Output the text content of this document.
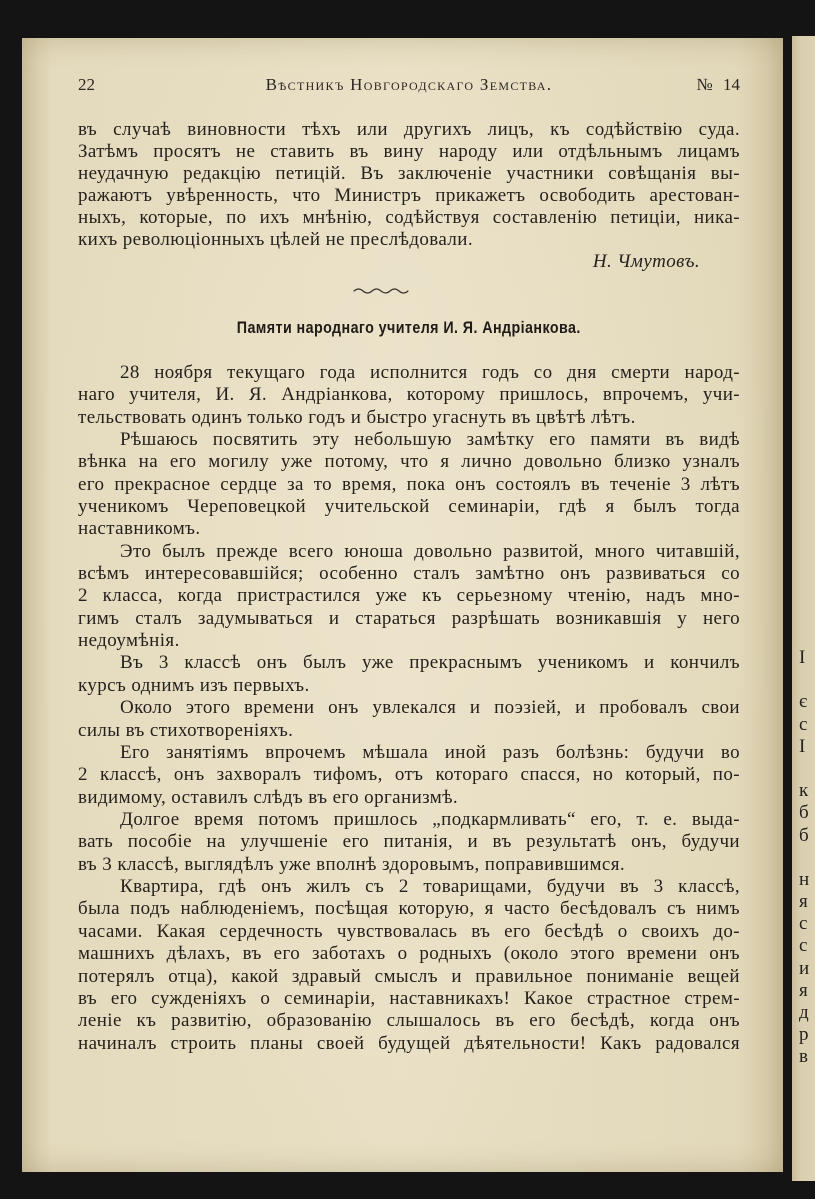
22	Вѣстникъ Новгородскаго Земства.	№ 14
въ случаѣ виновности тѣхъ или другихъ лицъ, къ содѣйствію суда.
Затѣмъ просятъ не ставить въ вину народу или отдѣльнымъ лицамъ
неудачную редакцію петицій. Въ заключеніе участники совѣщанія вы-
ражаютъ увѣренность, что Министръ прикажетъ освободить арестован-
ныхъ, которые, по ихъ мнѣнію, содѣйствуя составленію петиціи, ника-
кихъ революціонныхъ цѣлей не преслѣдовали.
Н. Чмутовъ.
Памяти народнаго учителя И. Я. Андріанкова.
28 ноября текущаго года исполнится годъ со дня смерти народ-
наго учителя, И. Я. Андріанкова, которому пришлось, впрочемъ, учи-
тельствовать одинъ только годъ и быстро угаснуть въ цвѣтѣ лѣтъ.
Рѣшаюсь посвятить эту небольшую замѣтку его памяти въ видѣ
вѣнка на его могилу уже потому, что я лично довольно близко узналъ
его прекрасное сердце за то время, пока онъ состоялъ въ теченіе 3 лѣтъ
ученикомъ Череповецкой учительской семинаріи, гдѣ я былъ тогда
наставникомъ.
Это былъ прежде всего юноша довольно развитой, много читавшій,
всѣмъ интересовавшійся; особенно сталъ замѣтно онъ развиваться со
2 класса, когда пристрастился уже къ серьезному чтенію, надъ мно-
гимъ сталъ задумываться и стараться разрѣшать возникавшія у него
недоумѣнія.
Въ 3 классѣ онъ былъ уже прекраснымъ ученикомъ и кончилъ
курсъ однимъ изъ первыхъ.
Около этого времени онъ увлекался и поэзіей, и пробовалъ свои
силы въ стихотвореніяхъ.
Его занятіямъ впрочемъ мѣшала иной разъ болѣзнь: будучи во
2 классѣ, онъ захворалъ тифомъ, отъ котораго спасся, но который, по-
видимому, оставилъ слѣдъ въ его организмѣ.
Долгое время потомъ пришлось „подкармливать“ его, т. е. выда-
вать пособіе на улучшеніе его питанія, и въ результатѣ онъ, будучи
въ 3 классѣ, выглядѣлъ уже вполнѣ здоровымъ, поправившимся.
Квартира, гдѣ онъ жилъ съ 2 товарищами, будучи въ 3 классѣ,
была подъ наблюденіемъ, посѣщая которую, я часто бесѣдовалъ съ нимъ
часами. Какая сердечность чувствовалась въ его бесѣдѣ о своихъ до-
машнихъ дѣлахъ, въ его заботахъ о родныхъ (около этого времени онъ
потерялъ отца), какой здравый смыслъ и правильное пониманіе вещей
въ его сужденіяхъ о семинаріи, наставникахъ! Какое страстное стрем-
леніе къ развитію, образованію слышалось въ его бесѣдѣ, когда онъ
начиналъ строить планы своей будущей дѣятельности! Какъ радовался
І
є
с
І
к
б
б
н
я
с
с
и
я
д
р
в
